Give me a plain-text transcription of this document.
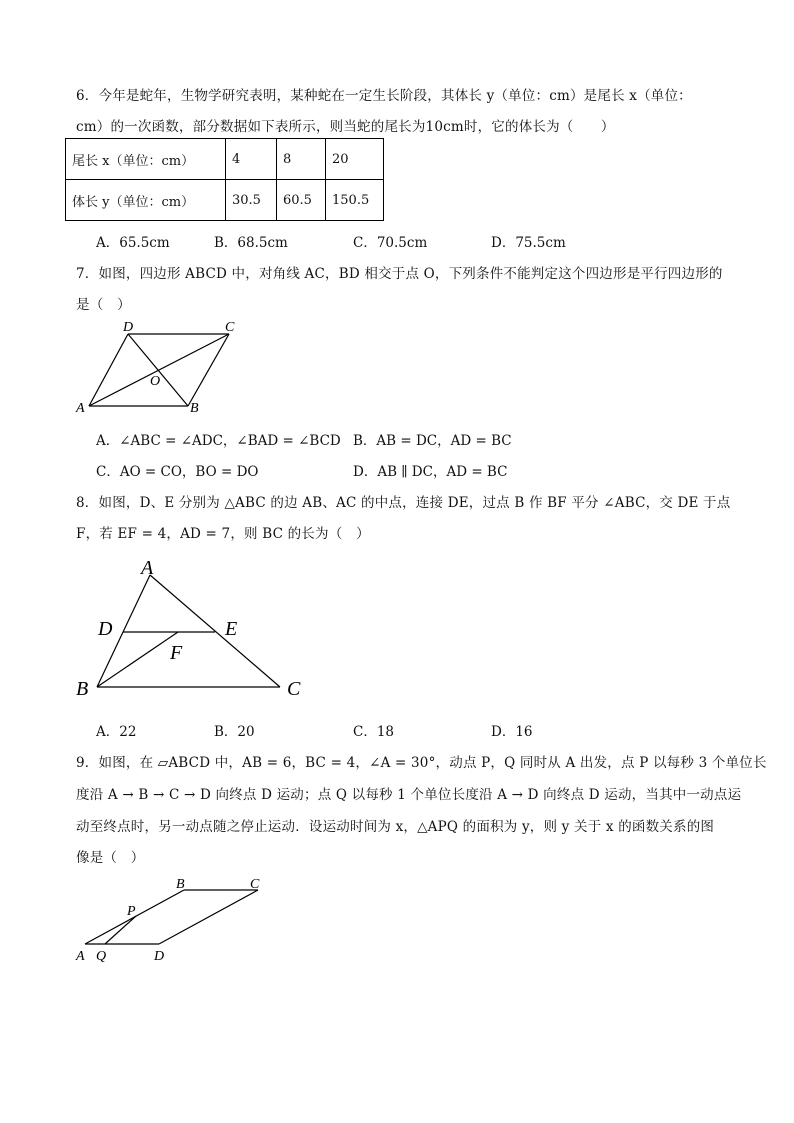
6．今年是蛇年，生物学研究表明，某种蛇在一定生长阶段，其体长 y（单位：cm）是尾长 x（单位：
cm）的一次函数，部分数据如下表所示，则当蛇的尾长为10cm时，它的体长为（　　）
尾长 x（单位：cm）	4	8	20
体长 y（单位：cm）	30.5	60.5	150.5
A．65.5cm	B．68.5cm	C．70.5cm	D．75.5cm
7．如图，四边形 ABCD 中，对角线 AC，BD 相交于点 O，下列条件不能判定这个四边形是平行四边形的
是（　）
D	C
O
A	B
A．∠ABC = ∠ADC，∠BAD = ∠BCD B．AB = DC，AD = BC
C．AO = CO，BO = DO	D．AB ∥ DC，AD = BC
8．如图，D、E 分别为 △ABC 的边 AB、AC 的中点，连接 DE，过点 B 作 BF 平分 ∠ABC，交 DE 于点
F，若 EF = 4，AD = 7，则 BC 的长为（　）
A
D	E
F
B	C
A．22	B．20	C．18	D．16
9．如图，在 ▱ABCD 中，AB = 6，BC = 4，∠A = 30°，动点 P，Q 同时从 A 出发，点 P 以每秒 3 个单位长
度沿 A → B → C → D 向终点 D 运动；点 Q 以每秒 1 个单位长度沿 A → D 向终点 D 运动，当其中一动点运
动至终点时，另一动点随之停止运动．设运动时间为 x，△APQ 的面积为 y，则 y 关于 x 的函数关系的图
像是（　）
B	C
P
A Q	D
